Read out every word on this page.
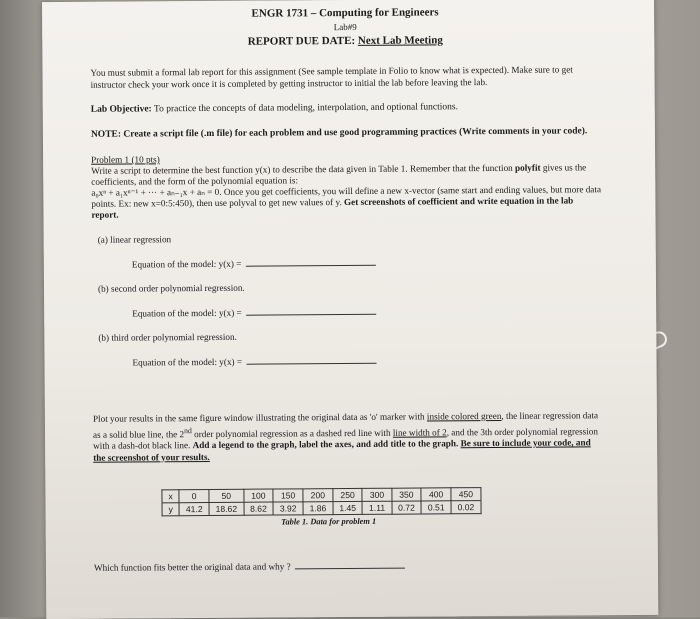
ENGR 1731 – Computing for Engineers
Lab#9
REPORT DUE DATE: Next Lab Meeting

You must submit a formal lab report for this assignment (See sample template in Folio to know what is expected). Make sure to get instructor check your work once it is completed by getting instructor to initial the lab before leaving the lab.

Lab Objective: To practice the concepts of data modeling, interpolation, and optional functions.

NOTE: Create a script file (.m file) for each problem and use good programming practices (Write comments in your code).

Problem 1 (10 pts)
Write a script to determine the best function y(x) to describe the data given in Table 1. Remember that the function polyfit gives us the coefficients, and the form of the polynomial equation is:
a₀xⁿ + a₁xⁿ⁻¹ + ··· + aₙ₋₁x + aₙ = 0. Once you get coefficients, you will define a new x-vector (same start and ending values, but more data points. Ex: new x=0:5:450), then use polyval to get new values of y. Get screenshots of coefficient and write equation in the lab report.
(a) linear regression
Equation of the model: y(x) =
(b) second order polynomial regression.
Equation of the model: y(x) =
(b) third order polynomial regression.
Equation of the model: y(x) =

Plot your results in the same figure window illustrating the original data as 'o' marker with inside colored green, the linear regression data as a solid blue line, the 2nd order polynomial regression as a dashed red line with line width of 2, and the 3th order polynomial regression with a dash-dot black line. Add a legend to the graph, label the axes, and add title to the graph. Be sure to include your code, and the screenshot of your results.

x	0	50	100	150	200	250	300	350	400	450
y	41.2	18.62	8.62	3.92	1.86	1.45	1.11	0.72	0.51	0.02
Table 1. Data for problem 1
Which function fits better the original data and why ?
